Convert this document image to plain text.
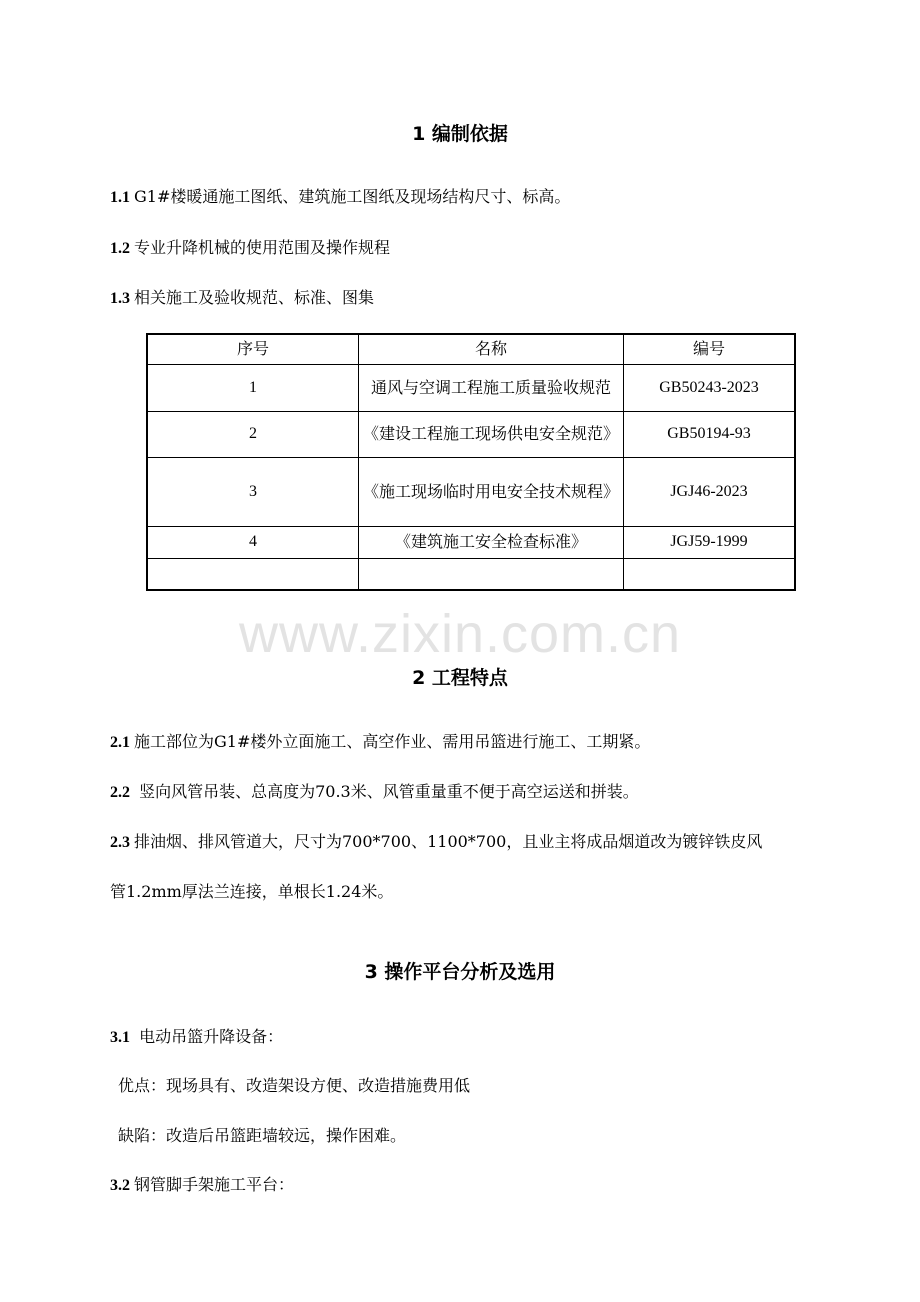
www.zixin.com.cn
1 编制依据
1.1 G1#楼暖通施工图纸、建筑施工图纸及现场结构尺寸、标高。
1.2 专业升降机械的使用范围及操作规程
1.3 相关施工及验收规范、标准、图集
序号	名称	编号
1	通风与空调工程施工质量验收规范	GB50243-2023
2	《建设工程施工现场供电安全规范》	GB50194-93
3	《施工现场临时用电安全技术规程》	JGJ46-2023
4	《建筑施工安全检查标准》	JGJ59-1999

2 工程特点
2.1 施工部位为G1#楼外立面施工、高空作业、需用吊篮进行施工、工期紧。
2.2 竖向风管吊装、总高度为70.3米、风管重量重不便于高空运送和拼装。
2.3 排油烟、排风管道大，尺寸为700*700、1100*700，且业主将成品烟道改为镀锌铁皮风
管1.2mm厚法兰连接，单根长1.24米。
3 操作平台分析及选用
3.1 电动吊篮升降设备：
优点：现场具有、改造架设方便、改造措施费用低
缺陷：改造后吊篮距墙较远，操作困难。
3.2 钢管脚手架施工平台：
